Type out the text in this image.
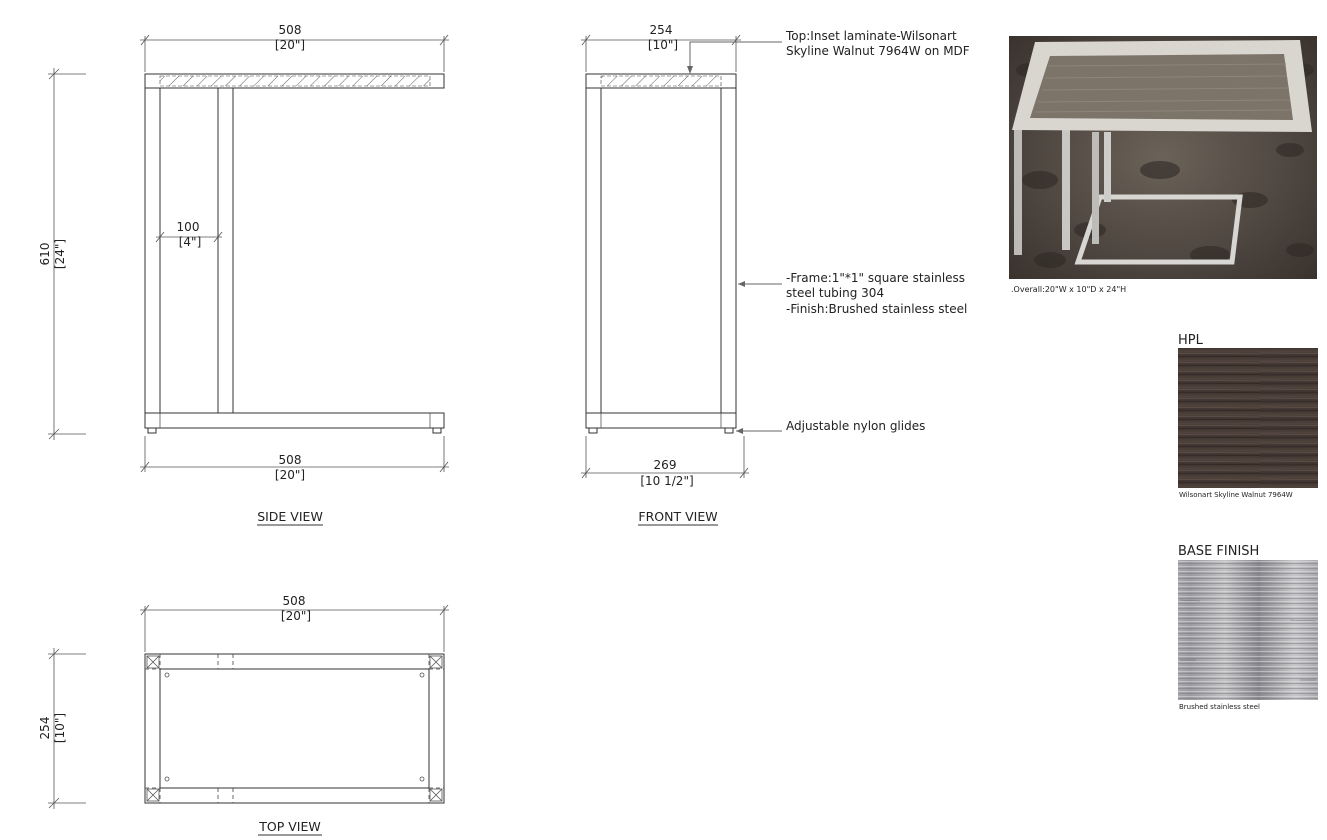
508
[20"]
508
[20"]
610 [24"]
100
[4"]
SIDE VIEW
254
[10"]
269
[10 1/2"]
FRONT VIEW
Top:Inset laminate-Wilsonart
Skyline Walnut 7964W on MDF
-Frame:1"*1" square stainless
steel tubing 304
-Finish:Brushed stainless steel
Adjustable nylon glides
508
[20"]
254 [10"]
TOP VIEW
.Overall:20"W x 10"D x 24"H
HPL
Wilsonart Skyline Walnut 7964W
BASE FINISH
Brushed stainless steel
